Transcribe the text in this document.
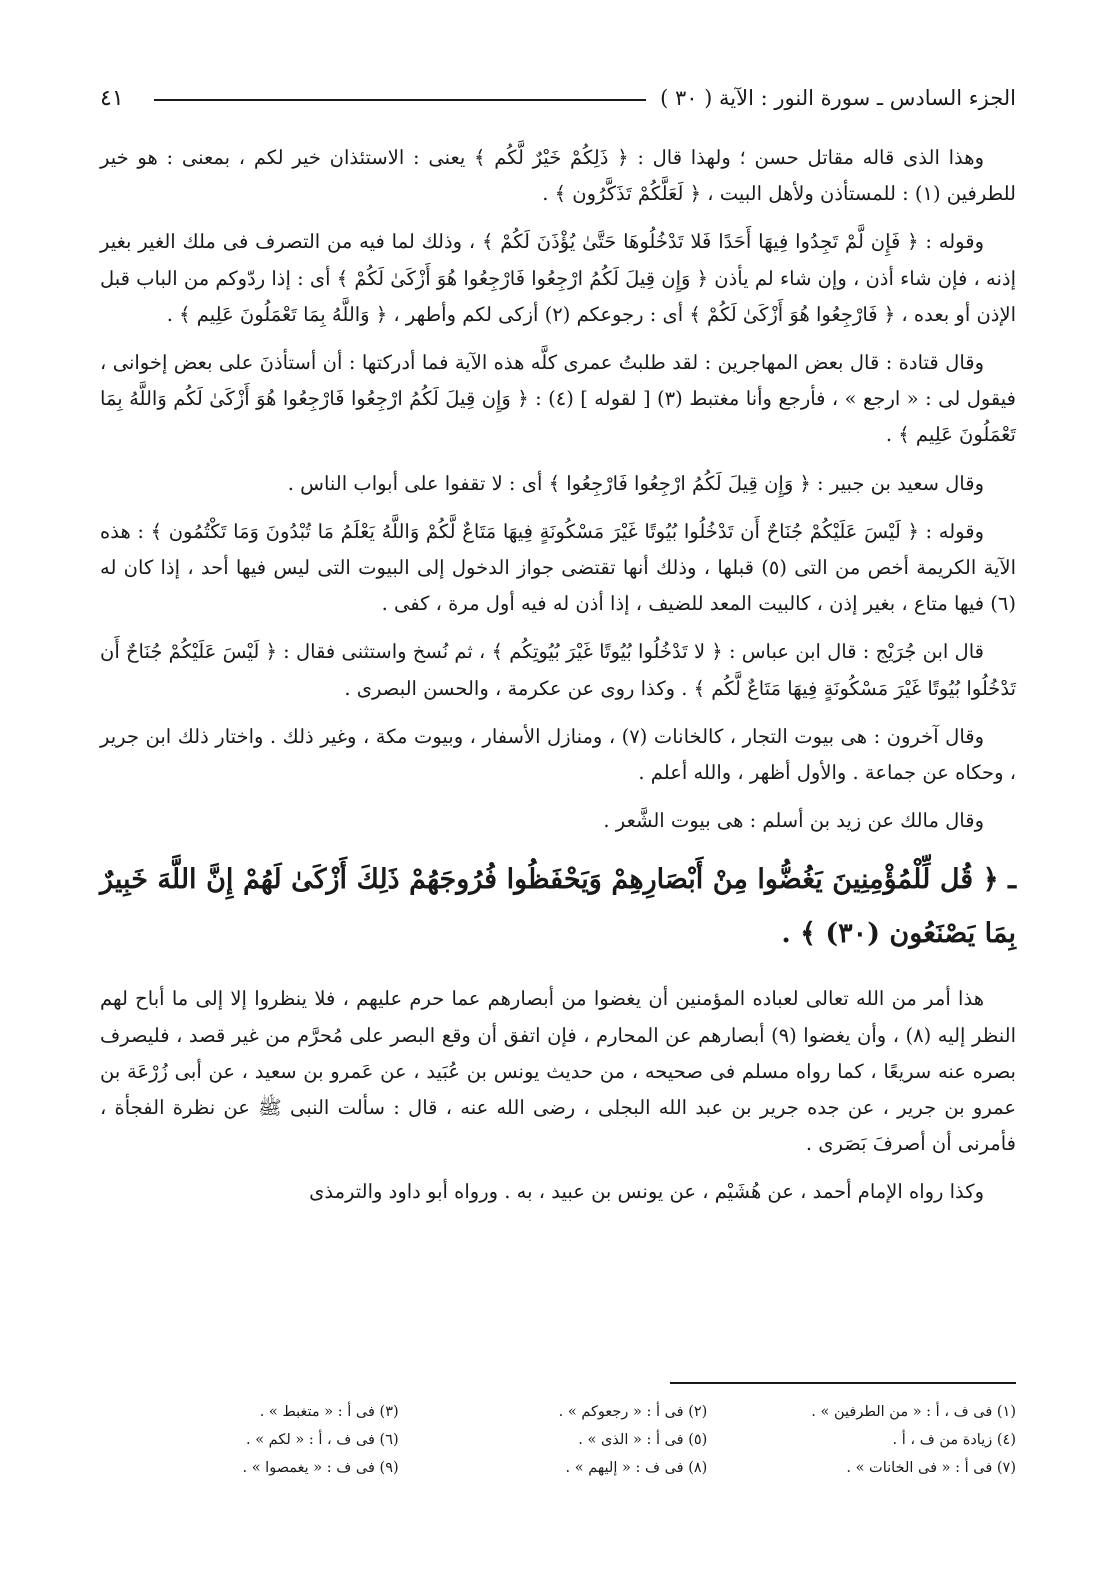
الجزء السادس ـ سورة النور : الآية ( ٣٠ )
٤١

وهذا الذى قاله مقاتل حسن ؛ ولهذا قال : ﴿ ذَلِكُمْ خَيْرٌ لَّكُم ﴾ يعنى : الاستئذان خير لكم ، بمعنى : هو خير للطرفين (١) : للمستأذن ولأهل البيت ، ﴿ لَعَلَّكُمْ تَذَكَّرُون ﴾ .

وقوله : ﴿ فَإِن لَّمْ تَجِدُوا فِيهَا أَحَدًا فَلا تَدْخُلُوهَا حَتَّىٰ يُؤْذَنَ لَكُمْ ﴾ ، وذلك لما فيه من التصرف فى ملك الغير بغير إذنه ، فإن شاء أذن ، وإن شاء لم يأذن ﴿ وَإِن قِيلَ لَكُمُ ارْجِعُوا فَارْجِعُوا هُوَ أَزْكَىٰ لَكُمْ ﴾ أى : إذا ردّوكم من الباب قبل الإذن أو بعده ، ﴿ فَارْجِعُوا هُوَ أَزْكَىٰ لَكُمْ ﴾ أى : رجوعكم (٢) أزكى لكم وأطهر ، ﴿ وَاللَّهُ بِمَا تَعْمَلُونَ عَلِيم ﴾ .

وقال قتادة : قال بعض المهاجرين : لقد طلبتُ عمرى كلَّه هذه الآية فما أدركتها : أن أستأذنَ على بعض إخوانى ، فيقول لى : « ارجع » ، فأرجع وأنا مغتبط (٣) [ لقوله ] (٤) : ﴿ وَإِن قِيلَ لَكُمُ ارْجِعُوا فَارْجِعُوا هُوَ أَزْكَىٰ لَكُم وَاللَّهُ بِمَا تَعْمَلُونَ عَلِيم ﴾ .

وقال سعيد بن جبير : ﴿ وَإِن قِيلَ لَكُمُ ارْجِعُوا فَارْجِعُوا ﴾ أى : لا تقفوا على أبواب الناس .

وقوله : ﴿ لَيْسَ عَلَيْكُمْ جُنَاحٌ أَن تَدْخُلُوا بُيُوتًا غَيْرَ مَسْكُونَةٍ فِيهَا مَتَاعٌ لَّكُمْ وَاللَّهُ يَعْلَمُ مَا تُبْدُونَ وَمَا تَكْتُمُون ﴾ : هذه الآية الكريمة أخص من التى (٥) قبلها ، وذلك أنها تقتضى جواز الدخول إلى البيوت التى ليس فيها أحد ، إذا كان له (٦) فيها متاع ، بغير إذن ، كالبيت المعد للضيف ، إذا أذن له فيه أول مرة ، كفى .

قال ابن جُرَيْج : قال ابن عباس : ﴿ لا تَدْخُلُوا بُيُوتًا غَيْرَ بُيُوتِكُم ﴾ ، ثم نُسخ واستثنى فقال : ﴿ لَيْسَ عَلَيْكُمْ جُنَاحٌ أَن تَدْخُلُوا بُيُوتًا غَيْرَ مَسْكُونَةٍ فِيهَا مَتَاعٌ لَّكُم ﴾ . وكذا روى عن عكرمة ، والحسن البصرى .

وقال آخرون : هى بيوت التجار ، كالخانات (٧) ، ومنازل الأسفار ، وبيوت مكة ، وغير ذلك . واختار ذلك ابن جرير ، وحكاه عن جماعة . والأول أظهر ، والله أعلم .

وقال مالك عن زيد بن أسلم : هى بيوت الشَّعر .

ـ ﴿ قُل لِّلْمُؤْمِنِينَ يَغُضُّوا مِنْ أَبْصَارِهِمْ وَيَحْفَظُوا فُرُوجَهُمْ ذَلِكَ أَزْكَىٰ لَهُمْ إِنَّ اللَّهَ خَبِيرٌ بِمَا يَصْنَعُون (٣٠) ﴾ .

هذا أمر من الله تعالى لعباده المؤمنين أن يغضوا من أبصارهم عما حرم عليهم ، فلا ينظروا إلا إلى ما أباح لهم النظر إليه (٨) ، وأن يغضوا (٩) أبصارهم عن المحارم ، فإن اتفق أن وقع البصر على مُحرَّم من غير قصد ، فليصرف بصره عنه سريعًا ، كما رواه مسلم فى صحيحه ، من حديث يونس بن عُبَيد ، عن عَمرو بن سعيد ، عن أبى زُرْعَة بن عمرو بن جرير ، عن جده جرير بن عبد الله البجلى ، رضى الله عنه ، قال : سألت النبى ﷺ عن نظرة الفجأة ، فأمرنى أن أصرفَ بَصَرى .

وكذا رواه الإمام أحمد ، عن هُشَيْم ، عن يونس بن عبيد ، به . ورواه أبو داود والترمذى

(١) فى ف ، أ : « من الطرفين » .
(٢) فى أ : « رجعوكم » .
(٣) فى أ : « متغبط » .
(٤) زيادة من ف ، أ .
(٥) فى أ : « الذى » .
(٦) فى ف ، أ : « لكم » .
(٧) فى أ : « فى الخانات » .
(٨) فى ف : « إليهم » .
(٩) فى ف : « يغمصوا » .
